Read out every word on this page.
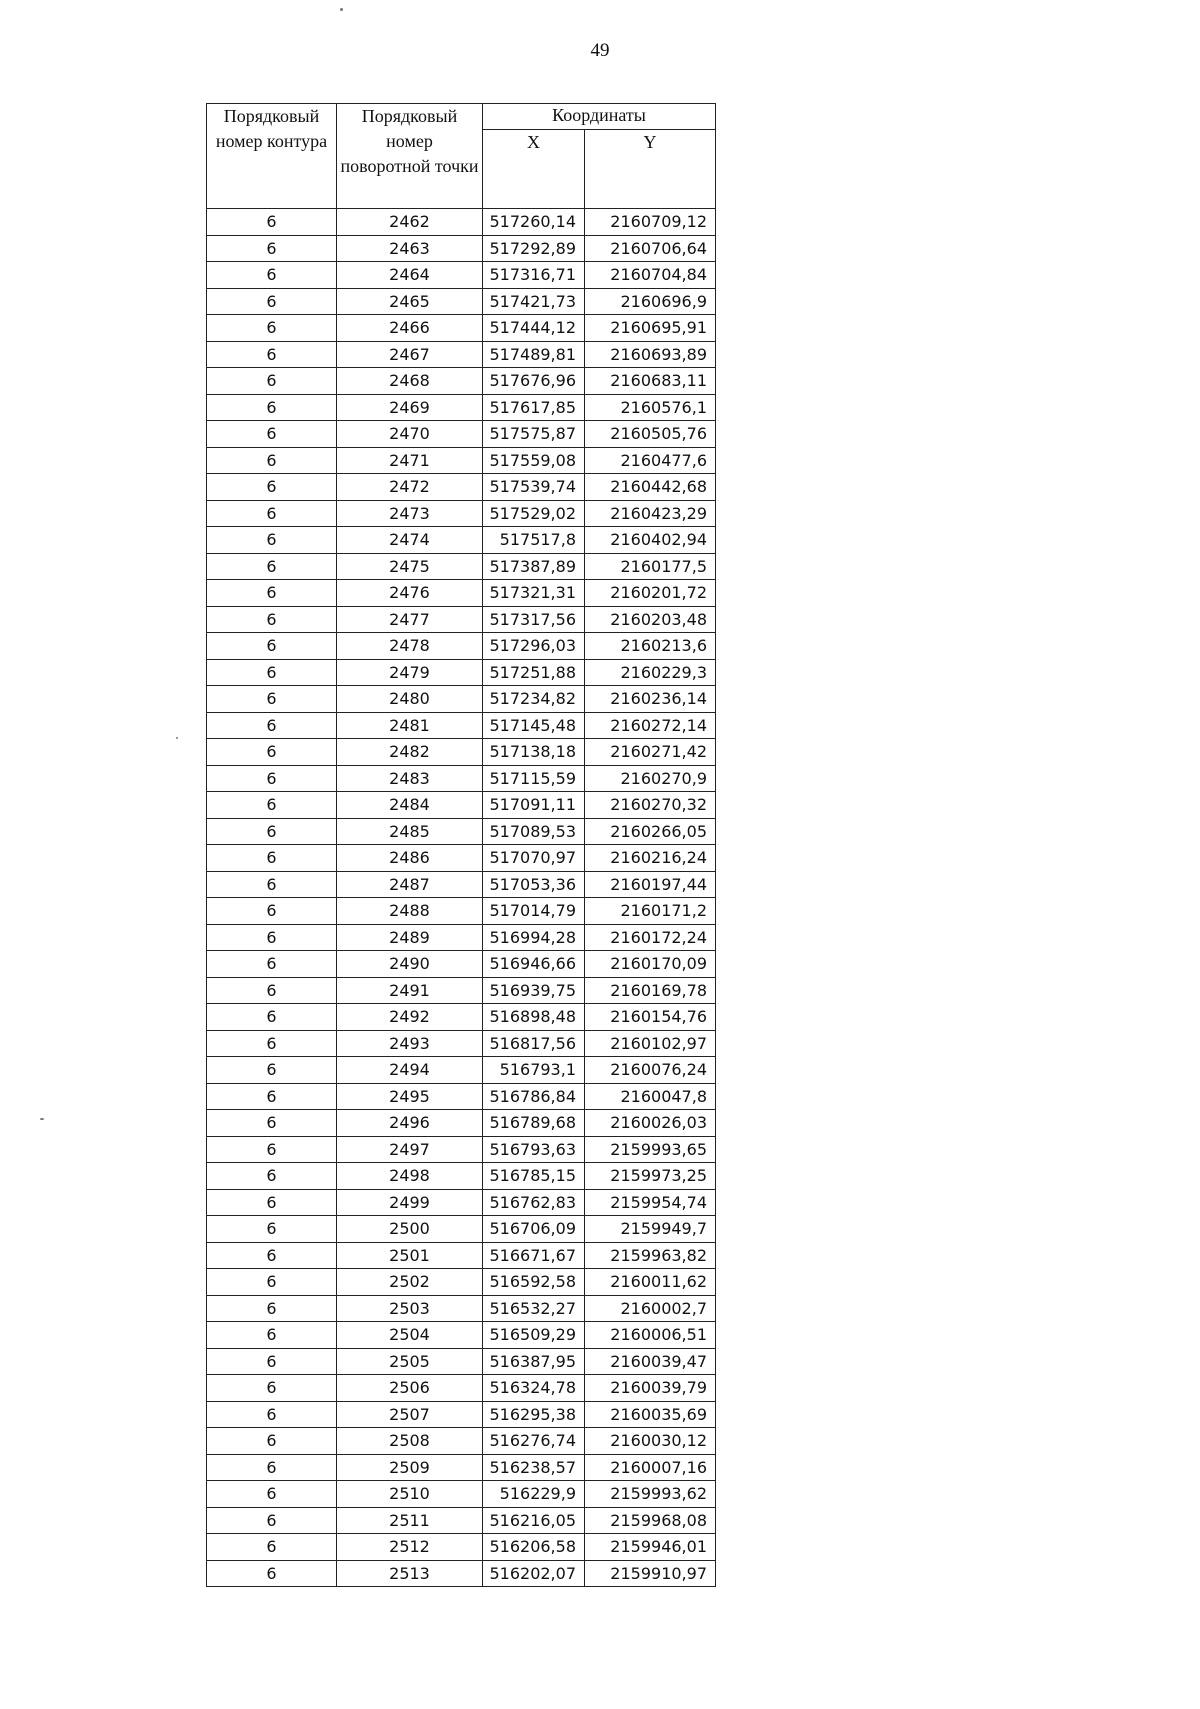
49
Порядковый номер контура	Порядковый номер поворотной точки	Координаты	
		X	Y
6	2462	517260,14	2160709,12
6	2463	517292,89	2160706,64
6	2464	517316,71	2160704,84
6	2465	517421,73	2160696,9
6	2466	517444,12	2160695,91
6	2467	517489,81	2160693,89
6	2468	517676,96	2160683,11
6	2469	517617,85	2160576,1
6	2470	517575,87	2160505,76
6	2471	517559,08	2160477,6
6	2472	517539,74	2160442,68
6	2473	517529,02	2160423,29
6	2474	517517,8	2160402,94
6	2475	517387,89	2160177,5
6	2476	517321,31	2160201,72
6	2477	517317,56	2160203,48
6	2478	517296,03	2160213,6
6	2479	517251,88	2160229,3
6	2480	517234,82	2160236,14
6	2481	517145,48	2160272,14
6	2482	517138,18	2160271,42
6	2483	517115,59	2160270,9
6	2484	517091,11	2160270,32
6	2485	517089,53	2160266,05
6	2486	517070,97	2160216,24
6	2487	517053,36	2160197,44
6	2488	517014,79	2160171,2
6	2489	516994,28	2160172,24
6	2490	516946,66	2160170,09
6	2491	516939,75	2160169,78
6	2492	516898,48	2160154,76
6	2493	516817,56	2160102,97
6	2494	516793,1	2160076,24
6	2495	516786,84	2160047,8
6	2496	516789,68	2160026,03
6	2497	516793,63	2159993,65
6	2498	516785,15	2159973,25
6	2499	516762,83	2159954,74
6	2500	516706,09	2159949,7
6	2501	516671,67	2159963,82
6	2502	516592,58	2160011,62
6	2503	516532,27	2160002,7
6	2504	516509,29	2160006,51
6	2505	516387,95	2160039,47
6	2506	516324,78	2160039,79
6	2507	516295,38	2160035,69
6	2508	516276,74	2160030,12
6	2509	516238,57	2160007,16
6	2510	516229,9	2159993,62
6	2511	516216,05	2159968,08
6	2512	516206,58	2159946,01
6	2513	516202,07	2159910,97
